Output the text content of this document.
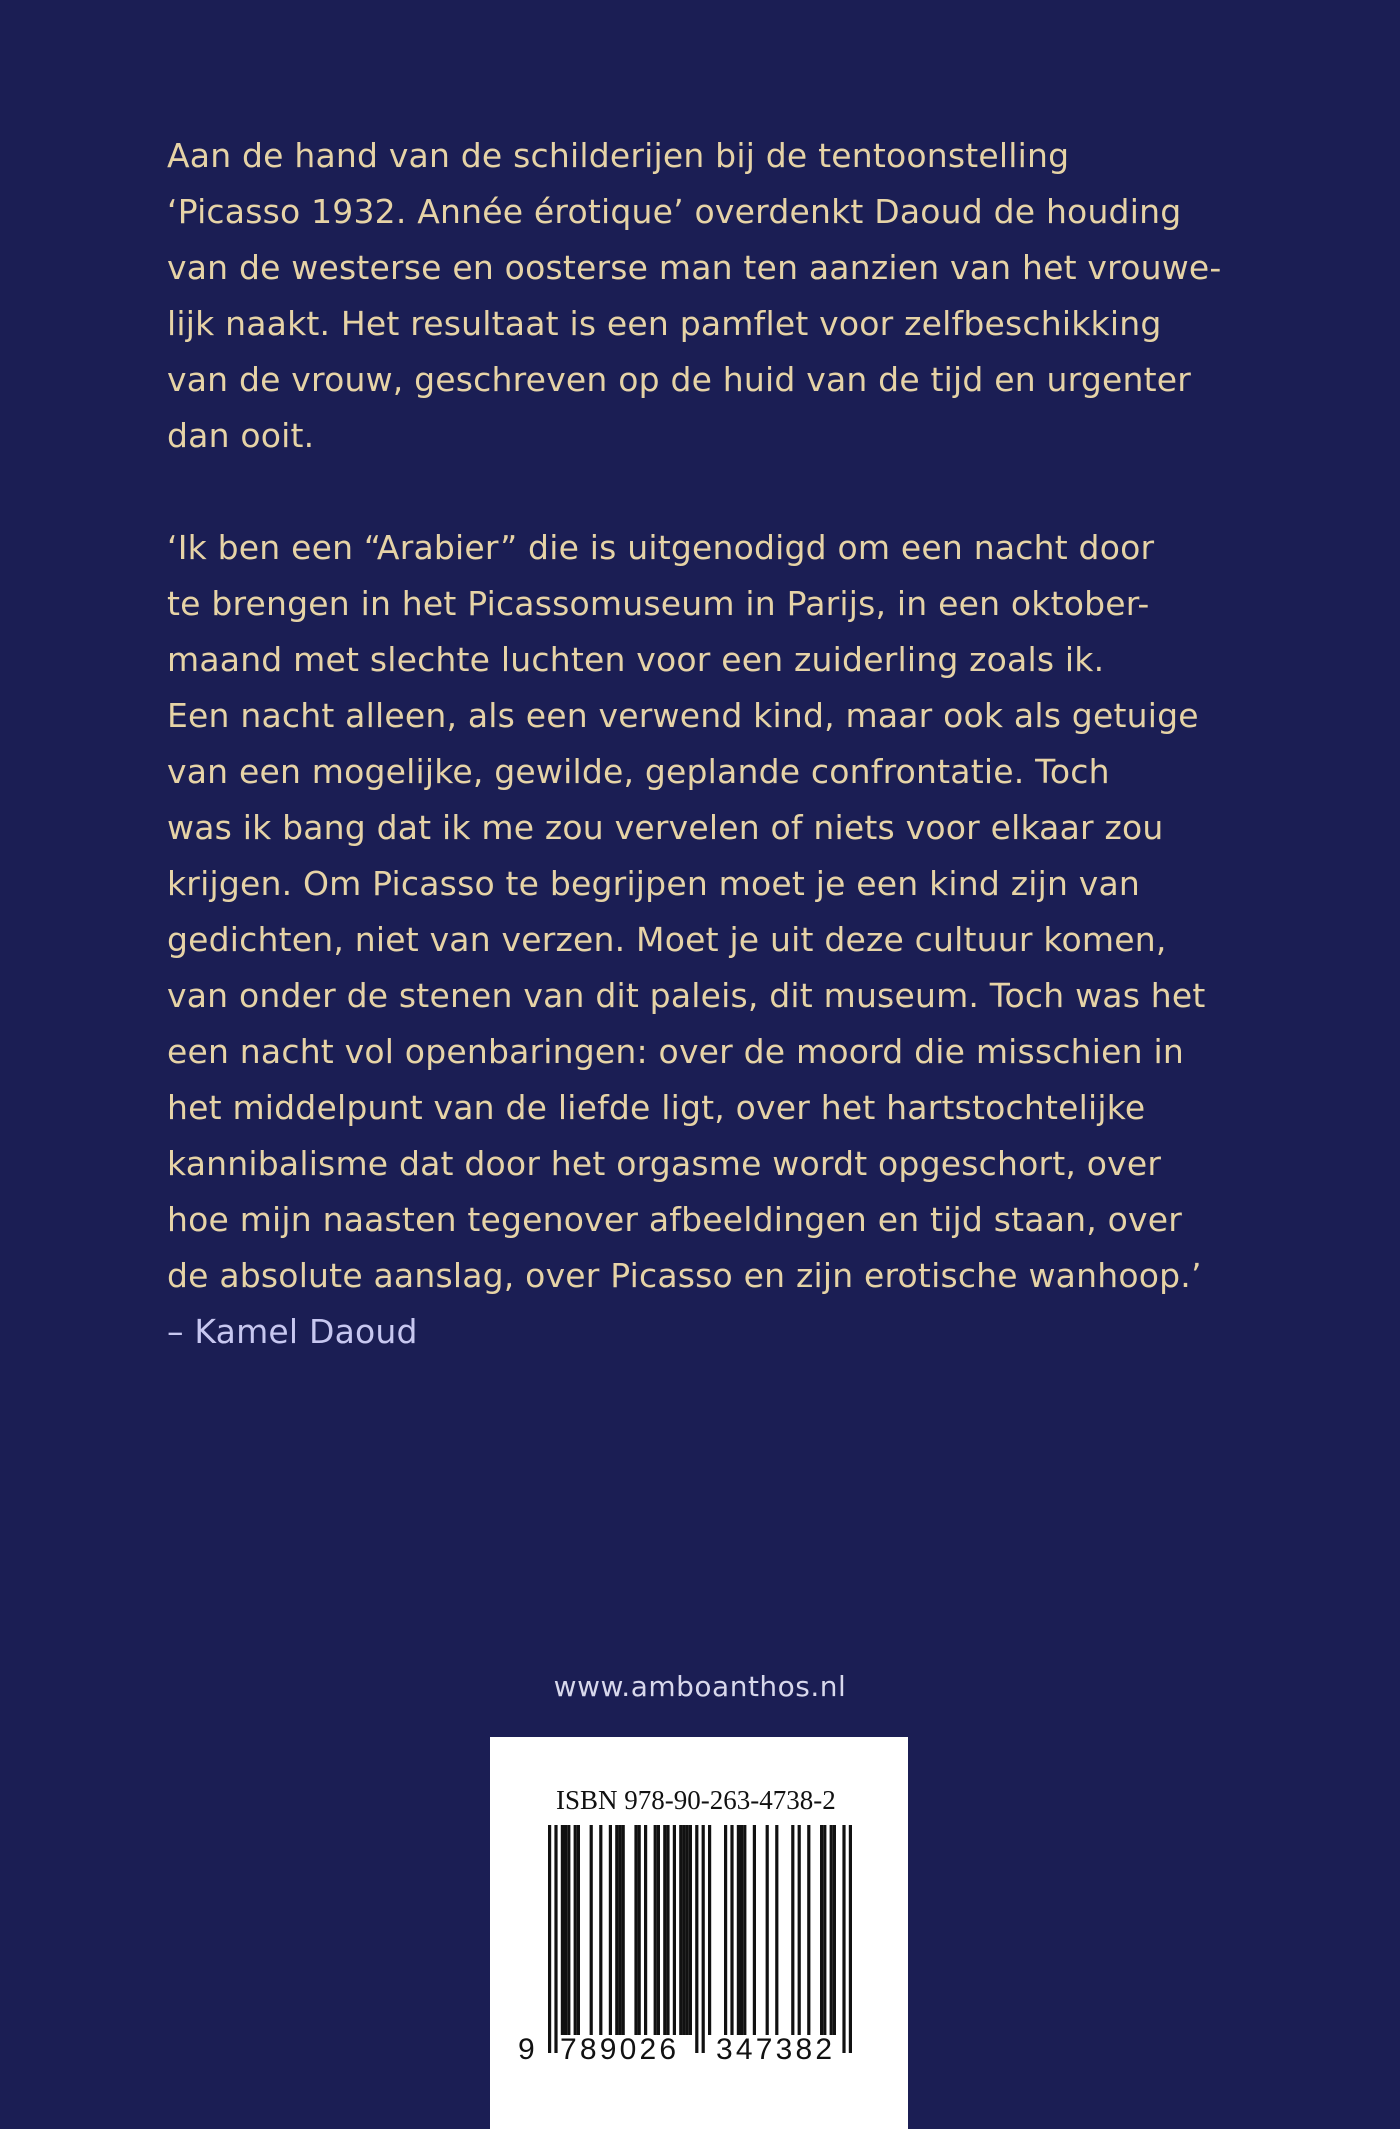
Aan de hand van de schilderijen bij de tentoonstelling
‘Picasso 1932. Année érotique’ overdenkt Daoud de houding
van de westerse en oosterse man ten aanzien van het vrouwe-
lijk naakt. Het resultaat is een pamflet voor zelfbeschikking
van de vrouw, geschreven op de huid van de tijd en urgenter
dan ooit.
‘Ik ben een “Arabier” die is uitgenodigd om een nacht door
te brengen in het Picassomuseum in Parijs, in een oktober-
maand met slechte luchten voor een zuiderling zoals ik.
Een nacht alleen, als een verwend kind, maar ook als getuige
van een mogelijke, gewilde, geplande confrontatie. Toch
was ik bang dat ik me zou vervelen of niets voor elkaar zou
krijgen. Om Picasso te begrijpen moet je een kind zijn van
gedichten, niet van verzen. Moet je uit deze cultuur komen,
van onder de stenen van dit paleis, dit museum. Toch was het
een nacht vol openbaringen: over de moord die misschien in
het middelpunt van de liefde ligt, over het hartstochtelijke
kannibalisme dat door het orgasme wordt opgeschort, over
hoe mijn naasten tegenover afbeeldingen en tijd staan, over
de absolute aanslag, over Picasso en zijn erotische wanhoop.’
– Kamel Daoud
www.amboanthos.nl
ISBN 978-90-263-4738-2
9 789026 347382
